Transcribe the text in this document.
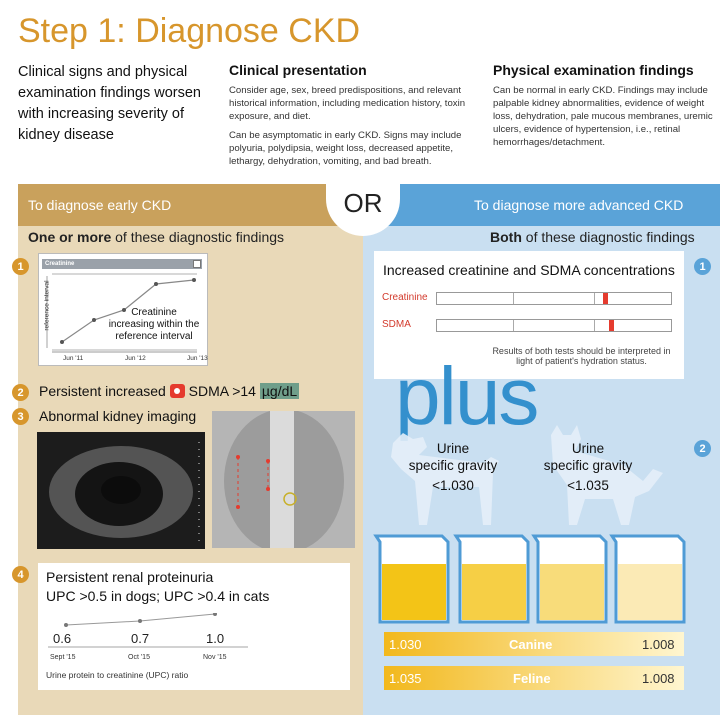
Step 1: Diagnose CKD
Clinical signs and physical examination findings worsen with increasing severity of kidney disease
Clinical presentation
Consider age, sex, breed predispositions, and relevant historical information, including medication history, toxin exposure, and diet.
Can be asymptomatic in early CKD. Signs may include polyuria, polydipsia, weight loss, decreased appetite, lethargy, dehydration, vomiting, and bad breath.
Physical examination findings
Can be normal in early CKD. Findings may include palpable kidney abnormalities, evidence of weight loss, dehydration, pale mucous membranes, uremic ulcers, evidence of hypertension, i.e., retinal hemorrhages/detachment.
To diagnose early CKD	To diagnose more advanced CKD
OR
One or more of these diagnostic findings	Both of these diagnostic findings
1	Creatinine
reference interval	Creatinine increasing within the reference interval
Jun '11	Jun '12	Jun '13
2	Persistent increased SDMA >14 µg/dL
3	Abnormal kidney imaging
4	Persistent renal proteinuria
UPC >0.5 in dogs; UPC >0.4 in cats
0.6	0.7	1.0
Sept '15	Oct '15	Nov '15
Urine protein to creatinine (UPC) ratio
1
Increased creatinine and SDMA concentrations
Creatinine
SDMA
Results of both tests should be interpreted in light of patient's hydration status.
plus
2
Urine
specific gravity
<1.030
Urine
specific gravity
<1.035
1.030	Canine	1.008
1.035	Feline	1.008
